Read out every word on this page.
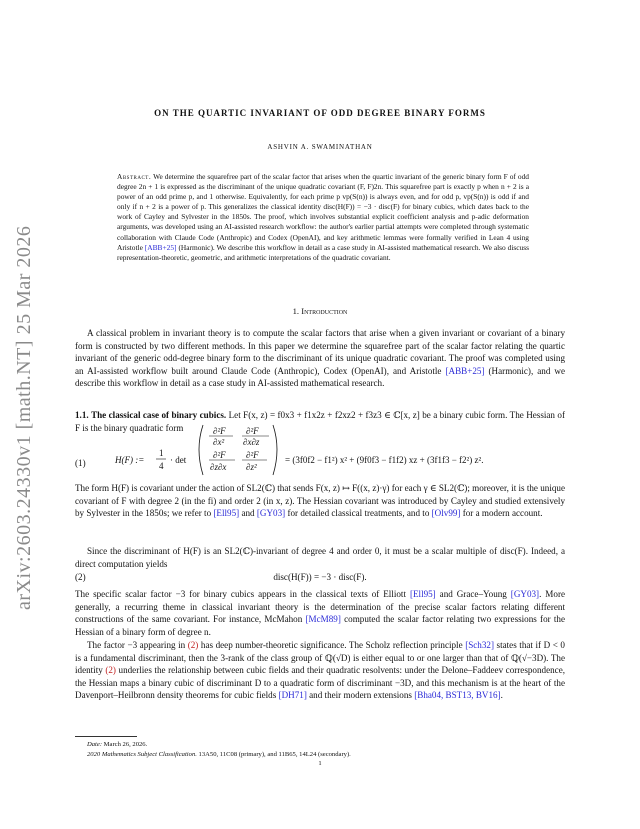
arXiv:2603.24330v1 [math.NT] 25 Mar 2026
ON THE QUARTIC INVARIANT OF ODD DEGREE BINARY FORMS
ASHVIN A. SWAMINATHAN
Abstract. We determine the squarefree part of the scalar factor that arises when the quartic invariant of the generic binary form F of odd degree 2n + 1 is expressed as the discriminant of the unique quadratic covariant (F, F)2n. This squarefree part is exactly p when n + 2 is a power of an odd prime p, and 1 otherwise. Equivalently, for each prime p vp(S(n)) is always even, and for odd p, vp(S(n)) is odd if and only if n + 2 is a power of p. This generalizes the classical identity disc(H(F)) = −3 · disc(F) for binary cubics, which dates back to the work of Cayley and Sylvester in the 1850s. The proof, which involves substantial explicit coefficient analysis and p-adic deformation arguments, was developed using an AI-assisted research workflow: the author's earlier partial attempts were completed through systematic collaboration with Claude Code (Anthropic) and Codex (OpenAI), and key arithmetic lemmas were formally verified in Lean 4 using Aristotle [ABB+25] (Harmonic). We describe this workflow in detail as a case study in AI-assisted mathematical research. We also discuss representation-theoretic, geometric, and arithmetic interpretations of the quadratic covariant.
1. Introduction

A classical problem in invariant theory is to compute the scalar factors that arise when a given invariant or covariant of a binary form is constructed by two different methods. In this paper we determine the squarefree part of the scalar factor relating the quartic invariant of the generic odd-degree binary form to the discriminant of its unique quadratic covariant. The proof was completed using an AI-assisted workflow built around Claude Code (Anthropic), Codex (OpenAI), and Aristotle [ABB+25] (Harmonic), and we describe this workflow in detail as a case study in AI-assisted mathematical research.

1.1. The classical case of binary cubics. Let F(x, z) = f0x3 + f1x2z + f2xz2 + f3z3 ∈ ℂ[x, z] be a binary cubic form. The Hessian of F is the binary quadratic form

(1)	H(F) :=
1
4
· det
∂²F
∂x²
∂²F
∂x∂z
∂²F
∂z∂x
∂²F
∂z²
= (3f0f2 − f1²) x² + (9f0f3 − f1f2) xz + (3f1f3 − f2²) z².

The form H(F) is covariant under the action of SL2(ℂ) that sends F(x, z) ↦ F((x, z)·γ) for each γ ∈ SL2(ℂ); moreover, it is the unique covariant of F with degree 2 (in the fi) and order 2 (in x, z). The Hessian covariant was introduced by Cayley and studied extensively by Sylvester in the 1850s; we refer to [Ell95] and [GY03] for detailed classical treatments, and to [Olv99] for a modern account.

Since the discriminant of H(F) is an SL2(ℂ)-invariant of degree 4 and order 0, it must be a scalar multiple of disc(F). Indeed, a direct computation yields

(2)	disc(H(F)) = −3 · disc(F).

The specific scalar factor −3 for binary cubics appears in the classical texts of Elliott [Ell95] and Grace–Young [GY03]. More generally, a recurring theme in classical invariant theory is the determination of the precise scalar factors relating different constructions of the same covariant. For instance, McMahon [McM89] computed the scalar factor relating two expressions for the Hessian of a binary form of degree n.

The factor −3 appearing in (2) has deep number-theoretic significance. The Scholz reflection principle [Sch32] states that if D < 0 is a fundamental discriminant, then the 3-rank of the class group of ℚ(√D) is either equal to or one larger than that of ℚ(√−3D). The identity (2) underlies the relationship between cubic fields and their quadratic resolvents: under the Delone–Faddeev correspondence, the Hessian maps a binary cubic of discriminant D to a quadratic form of discriminant −3D, and this mechanism is at the heart of the Davenport–Heilbronn density theorems for cubic fields [DH71] and their modern extensions [Bha04, BST13, BV16].

Date: March 26, 2026.
2020 Mathematics Subject Classification. 13A50, 11C08 (primary), and 11B65, 14L24 (secondary).
1
